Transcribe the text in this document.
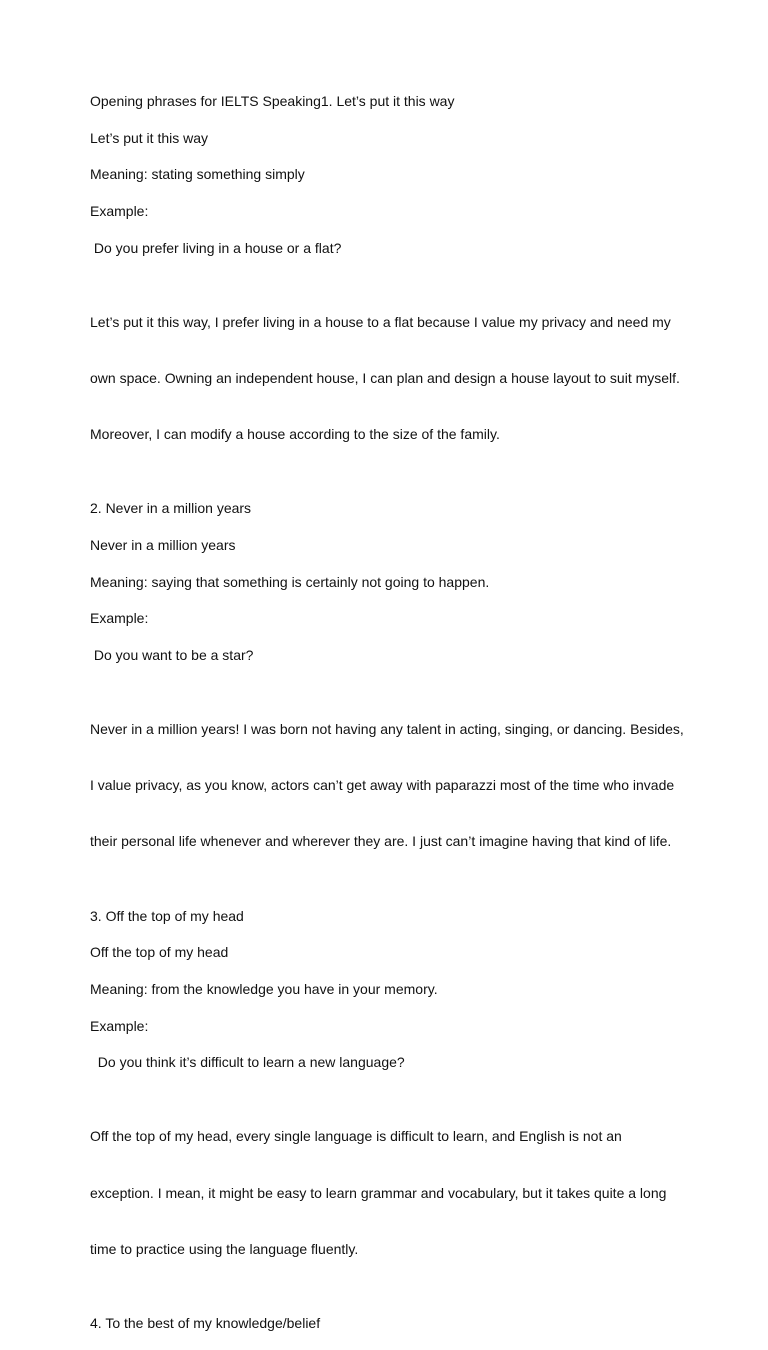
Opening phrases for IELTS Speaking1. Let’s put it this way

Let’s put it this way

Meaning: stating something simply

Example:

Do you prefer living in a house or a flat?

Let’s put it this way, I prefer living in a house to a flat because I value my privacy and need my

own space. Owning an independent house, I can plan and design a house layout to suit myself.

Moreover, I can modify a house according to the size of the family.

2. Never in a million years

Never in a million years

Meaning: saying that something is certainly not going to happen.

Example:

Do you want to be a star?

Never in a million years! I was born not having any talent in acting, singing, or dancing. Besides,

I value privacy, as you know, actors can’t get away with paparazzi most of the time who invade

their personal life whenever and wherever they are. I just can’t imagine having that kind of life.

3. Off the top of my head

Off the top of my head

Meaning: from the knowledge you have in your memory.

Example:

Do you think it’s difficult to learn a new language?

Off the top of my head, every single language is difficult to learn, and English is not an

exception. I mean, it might be easy to learn grammar and vocabulary, but it takes quite a long

time to practice using the language fluently.

4. To the best of my knowledge/belief
